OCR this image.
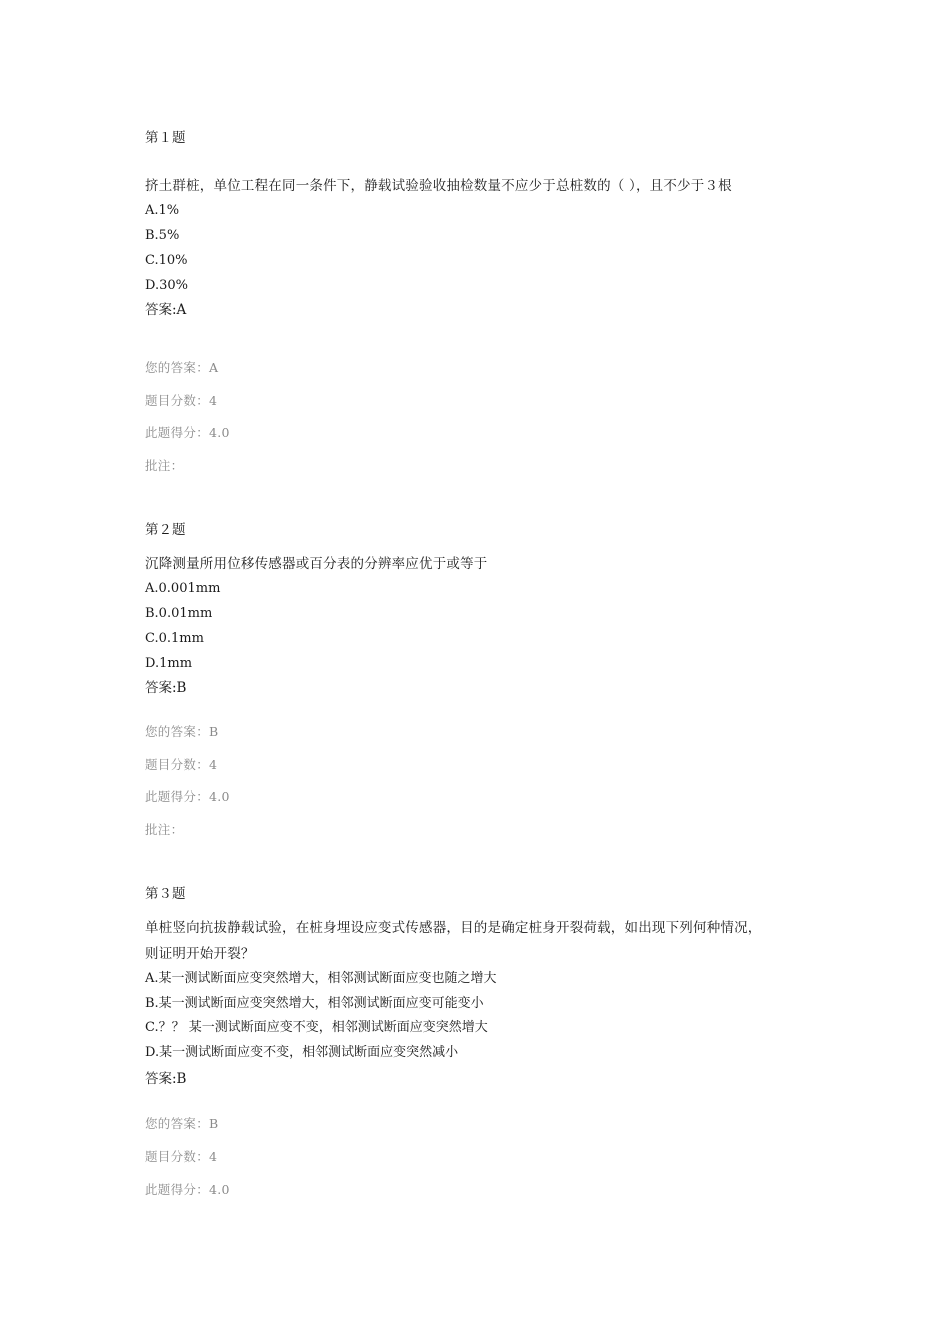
第１题
挤土群桩，单位工程在同一条件下，静载试验验收抽检数量不应少于总桩数的（ ），且不少于３根
A.1%
B.5%
C.10%
D.30%
答案:A
您的答案：A
题目分数：4
此题得分：4.0
批注：
第２题
沉降测量所用位移传感器或百分表的分辨率应优于或等于
A.0.001mm
B.0.01mm
C.0.1mm
D.1mm
答案:B
您的答案：B
题目分数：4
此题得分：4.0
批注：
第３题
单桩竖向抗拔静载试验，在桩身埋设应变式传感器，目的是确定桩身开裂荷载，如出现下列何种情况，
则证明开始开裂？
A.某一测试断面应变突然增大，相邻测试断面应变也随之增大
B.某一测试断面应变突然增大，相邻测试断面应变可能变小
C.？？ 某一测试断面应变不变，相邻测试断面应变突然增大
D.某一测试断面应变不变，相邻测试断面应变突然减小
答案:B
您的答案：B
题目分数：4
此题得分：4.0
